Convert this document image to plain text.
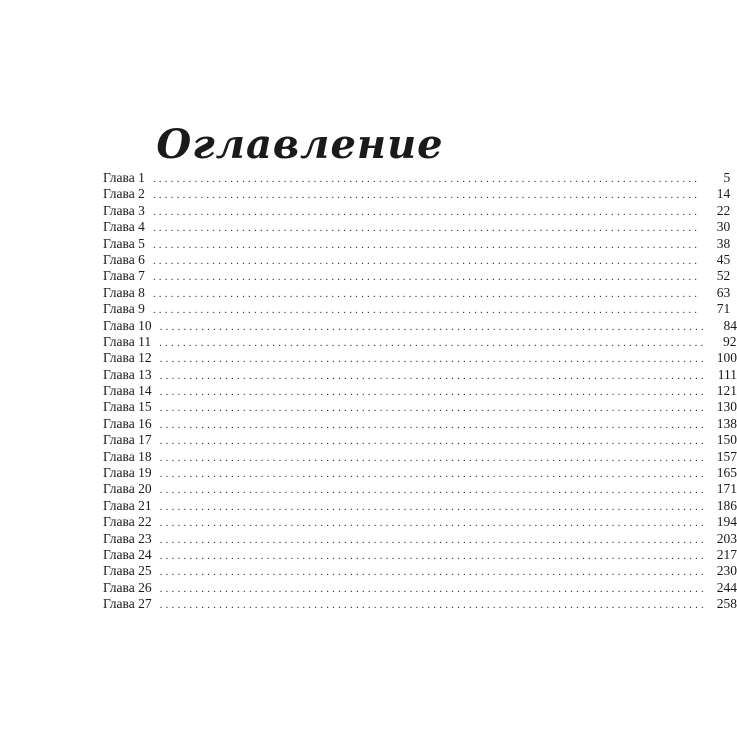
Оглавление
Глава 1 ............................................................................................	5
Глава 2 ............................................................................................	14
Глава 3 ............................................................................................	22
Глава 4 ............................................................................................	30
Глава 5 ............................................................................................	38
Глава 6 ............................................................................................	45
Глава 7 ............................................................................................	52
Глава 8 ............................................................................................	63
Глава 9 ............................................................................................	71
Глава 10 ............................................................................................	84
Глава 11 ............................................................................................	92
Глава 12 ............................................................................................ 100
Глава 13 ............................................................................................ 111
Глава 14 ............................................................................................ 121
Глава 15 ............................................................................................ 130
Глава 16 ............................................................................................ 138
Глава 17 ............................................................................................ 150
Глава 18 ............................................................................................ 157
Глава 19 ............................................................................................ 165
Глава 20 ............................................................................................ 171
Глава 21 ............................................................................................ 186
Глава 22 ............................................................................................ 194
Глава 23 ............................................................................................ 203
Глава 24 ............................................................................................ 217
Глава 25 ............................................................................................ 230
Глава 26 ............................................................................................ 244
Глава 27 ............................................................................................ 258
